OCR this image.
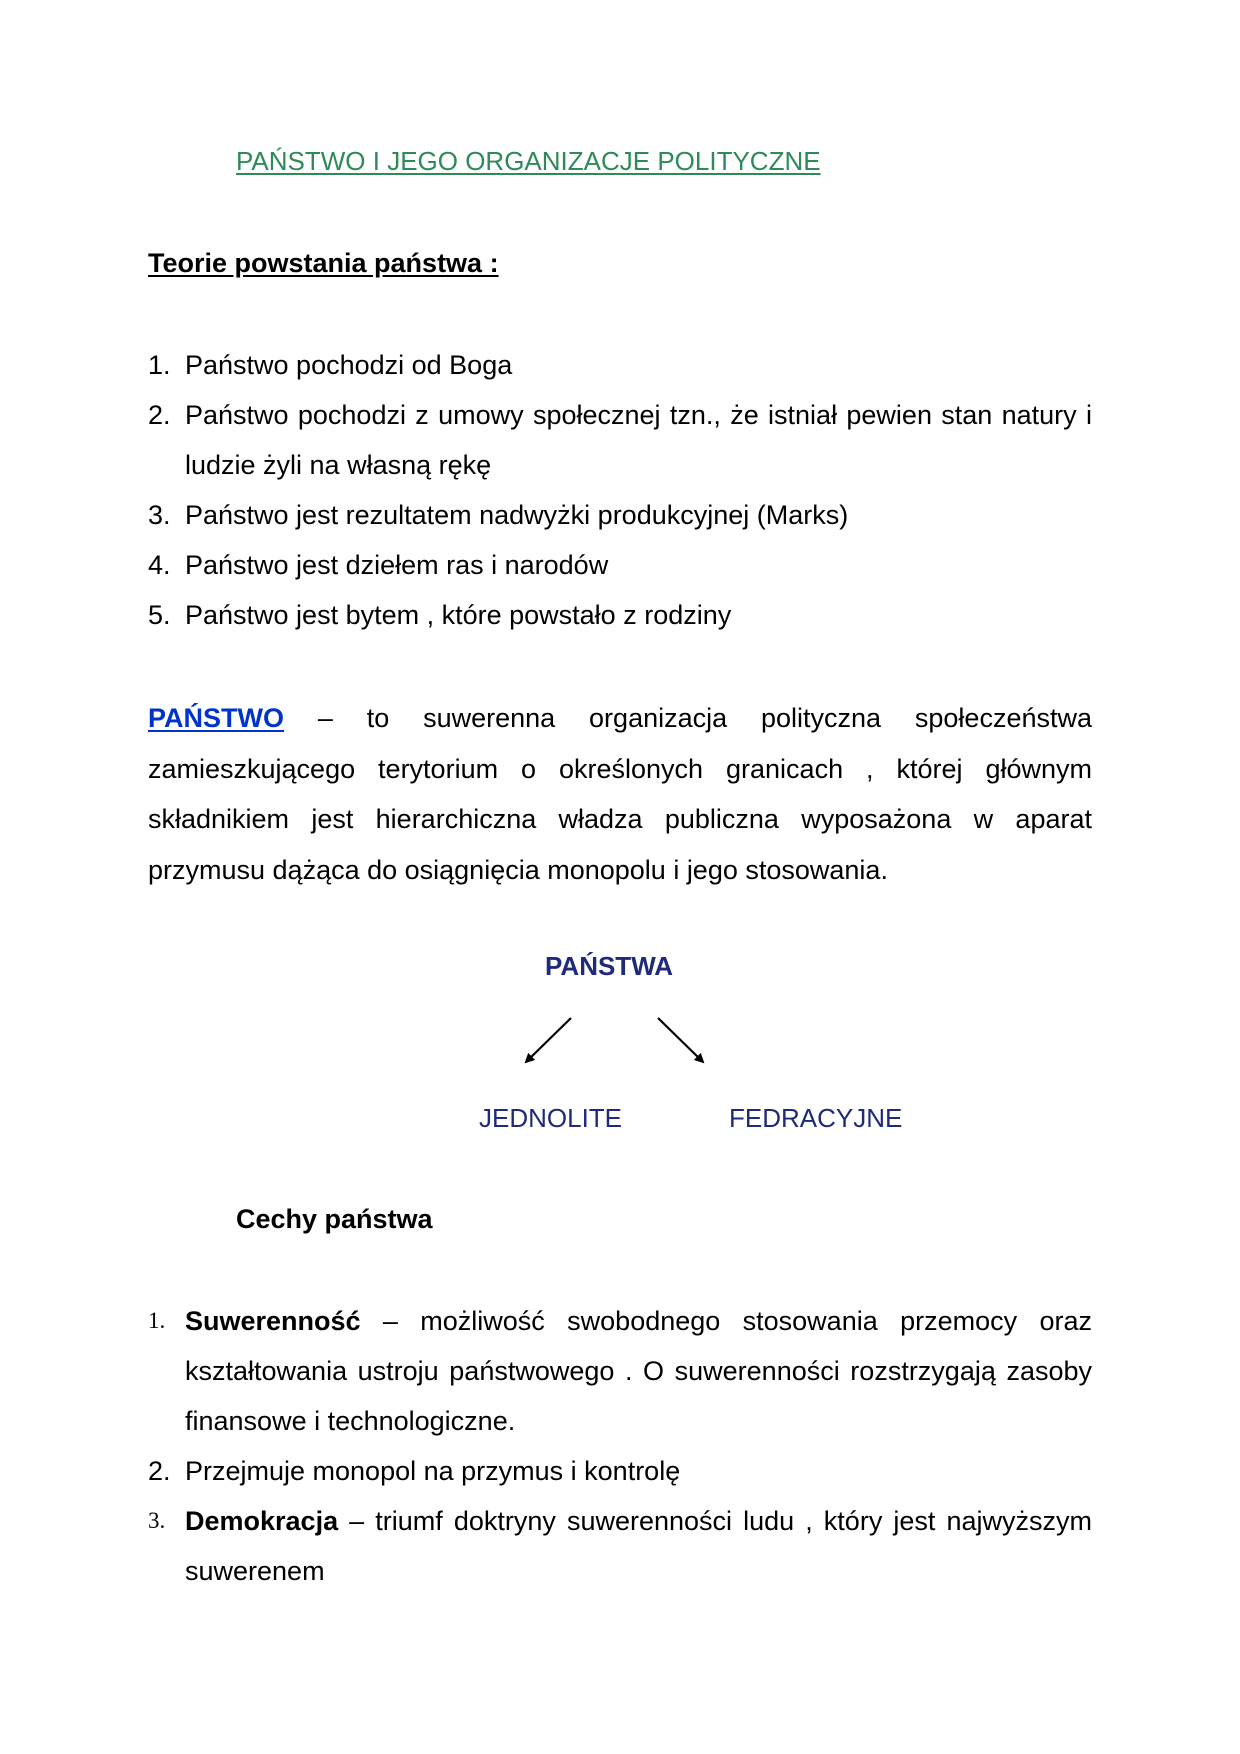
PAŃSTWO I JEGO ORGANIZACJE POLITYCZNE
Teorie powstania państwa :
1. Państwo pochodzi od Boga
2. Państwo pochodzi z umowy społecznej tzn., że istniał pewien stan natury i ludzie żyli na własną rękę
3. Państwo jest rezultatem nadwyżki produkcyjnej (Marks)
4. Państwo jest dziełem ras i narodów
5. Państwo jest bytem , które powstało z rodziny
PAŃSTWO – to suwerenna organizacja polityczna społeczeństwa zamieszkującego terytorium o określonych granicach , której głównym składnikiem jest hierarchiczna władza publiczna wyposażona w aparat przymusu dążąca do osiągnięcia monopolu i jego stosowania.
PAŃSTWA
JEDNOLITE	FEDRACYJNE
Cechy państwa
1. Suwerenność – możliwość swobodnego stosowania przemocy oraz kształtowania ustroju państwowego . O suwerenności rozstrzygają zasoby finansowe i technologiczne.
2. Przejmuje monopol na przymus i kontrolę
3. Demokracja – triumf doktryny suwerenności ludu , który jest najwyższym suwerenem
